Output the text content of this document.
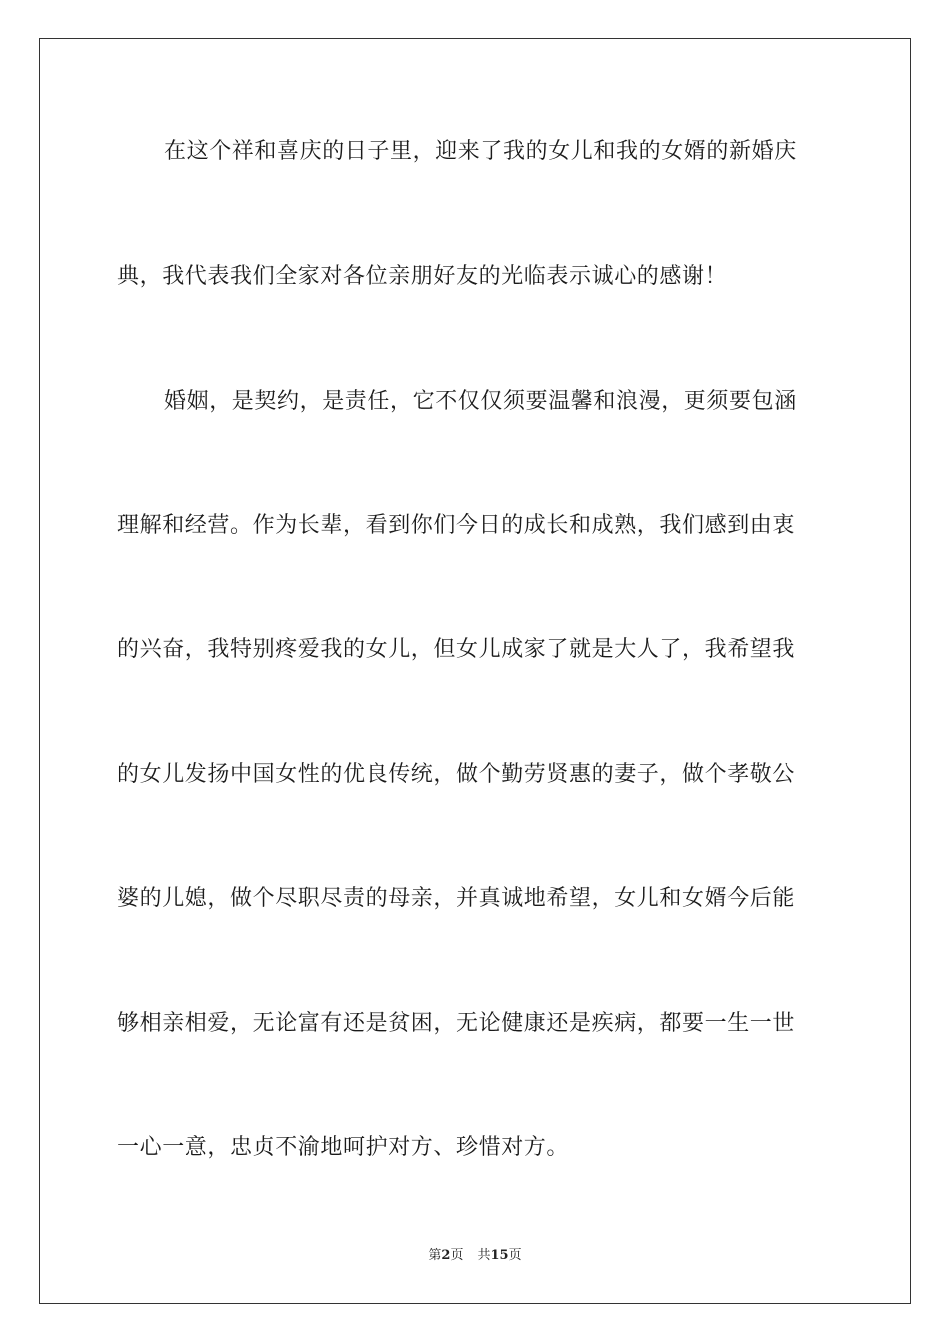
在这个祥和喜庆的日子里，迎来了我的女儿和我的女婿的新婚庆
典，我代表我们全家对各位亲朋好友的光临表示诚心的感谢！
婚姻，是契约，是责任，它不仅仅须要温馨和浪漫，更须要包涵
理解和经营。作为长辈，看到你们今日的成长和成熟，我们感到由衷
的兴奋，我特别疼爱我的女儿，但女儿成家了就是大人了，我希望我
的女儿发扬中国女性的优良传统，做个勤劳贤惠的妻子，做个孝敬公
婆的儿媳，做个尽职尽责的母亲，并真诚地希望，女儿和女婿今后能
够相亲相爱，无论富有还是贫困，无论健康还是疾病，都要一生一世
一心一意，忠贞不渝地呵护对方、珍惜对方。
第2页 共15页
